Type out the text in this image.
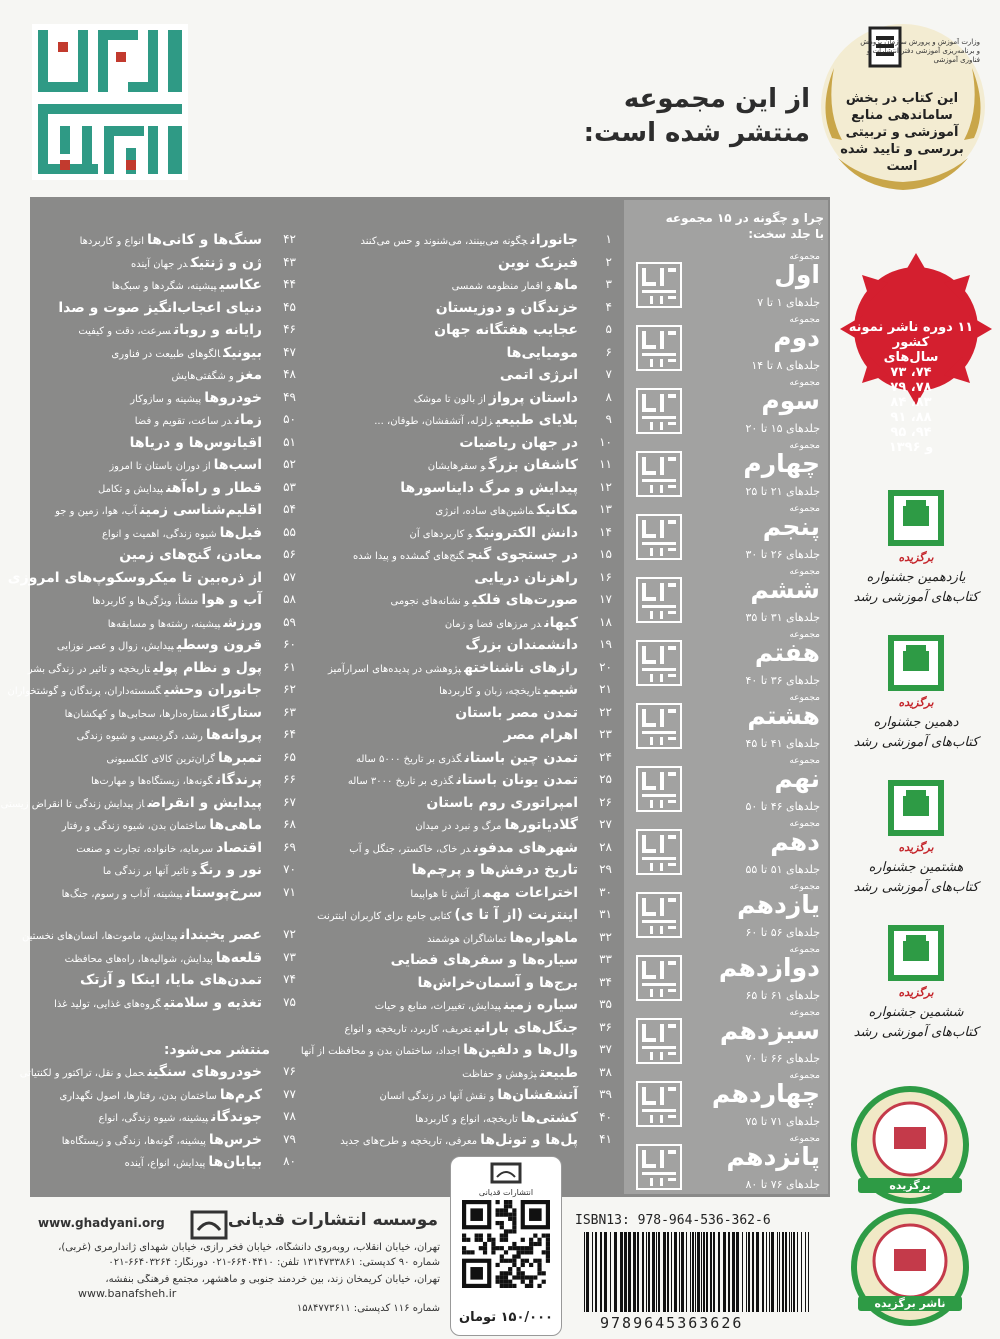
از این مجموعه
منتشر شده است:
این کتاب در بخش ساماندهی منابع آموزشی و تربیتی بررسی و تایید شده است
وزارت آموزش و پرورش سازمان پژوهش و برنامه‌ریزی آموزشی دفتر انتشارات و فناوری آموزشی
چرا و چگونه در ۱۵ مجموعه
با جلد سخت:
مجموعه
اول
جلدهای ۱ تا ۷
مجموعه
دوم
جلدهای ۸ تا ۱۴
مجموعه
سوم
جلدهای ۱۵ تا ۲۰
مجموعه
چهارم
جلدهای ۲۱ تا ۲۵
مجموعه
پنجم
جلدهای ۲۶ تا ۳۰
مجموعه
ششم
جلدهای ۳۱ تا ۳۵
مجموعه
هفتم
جلدهای ۳۶ تا ۴۰
مجموعه
هشتم
جلدهای ۴۱ تا ۴۵
مجموعه
نهم
جلدهای ۴۶ تا ۵۰
مجموعه
دهم
جلدهای ۵۱ تا ۵۵
مجموعه
یازدهم
جلدهای ۵۶ تا ۶۰
مجموعه
دوازدهم
جلدهای ۶۱ تا ۶۵
مجموعه
سیزدهم
جلدهای ۶۶ تا ۷۰
مجموعه
چهاردهم
جلدهای ۷۱ تا ۷۵
مجموعه
پانزدهم
جلدهای ۷۶ تا ۸۰
۱
جانورانچگونه می‌بینند، می‌شنوند و حس می‌کنند
۲
فیزیک نوین
۳
ماهو اقمار منظومه شمسی
۴
خزندگان و دوزیستان
۵
عجایب هفتگانه جهان
۶
مومیایی‌ها
۷
انرژی اتمی
۸
داستان پروازاز بالون تا موشک
۹
بلایای طبیعیزلزله، آتشفشان، طوفان، ...
۱۰
در جهان ریاضیات
۱۱
کاشفان بزرگو سفرهایشان
۱۲
پیدایش و مرگ دایناسورها
۱۳
مکانیکماشین‌های ساده، انرژی
۱۴
دانش الکترونیکو کاربردهای آن
۱۵
در جستجوی گنجگنج‌های گمشده و پیدا شده
۱۶
راهزنان دریایی
۱۷
صورت‌های فلکیو نشانه‌های نجومی
۱۸
کیهاندر مرزهای فضا و زمان
۱۹
دانشمندان بزرگ
۲۰
رازهای ناشناختهپژوهشی در پدیده‌های اسرارآمیز
۲۱
شیمیتاریخچه، زبان و کاربردها
۲۲
تمدن مصر باستان
۲۳
اهرام مصر
۲۴
تمدن چین باستانگذری بر تاریخ ۵۰۰۰ ساله
۲۵
تمدن یونان باستانگذری بر تاریخ ۳۰۰۰ ساله
۲۶
امپراتوری روم باستان
۲۷
گلادیاتورهامرگ و نبرد در میدان
۲۸
شهرهای مدفوندر خاک، خاکستر، جنگل و آب
۲۹
تاریخ درفش‌ها و پرچم‌ها
۳۰
اختراعات مهماز آتش تا هواپیما
۳۱
اینترنت (از آ تا ی)کتابی جامع برای کاربران اینترنت
۳۲
ماهواره‌هاتماشاگران هوشمند
۳۳
سیاره‌ها و سفرهای فضایی
۳۴
برج‌ها و آسمان‌خراش‌ها
۳۵
سیاره زمینپیدایش، تغییرات، منابع و حیات
۳۶
جنگل‌های بارانیتعریف، کاربرد، تاریخچه و انواع
۳۷
وال‌ها و دلفین‌هااجداد، ساختمان بدن و محافظت از آنها
۳۸
طبیعتپژوهش و حفاظت
۳۹
آتشفشان‌هاو نقش آنها در زندگی انسان
۴۰
کشتی‌هاتاریخچه، انواع و کاربردها
۴۱
پل‌ها و تونل‌هامعرفی، تاریخچه و طرح‌های جدید
۴۲
سنگ‌ها و کانی‌هاانواع و کاربردها
۴۳
ژن و ژنتیکدر جهان آینده
۴۴
عکاسیپیشینه، شگردها و سبک‌ها
۴۵
دنیای اعجاب‌انگیز صوت و صدا
۴۶
رایانه و روباتسرعت، دقت و کیفیت
۴۷
بیونیکالگوهای طبیعت در فناوری
۴۸
مغزو شگفتی‌هایش
۴۹
خودروهاپیشینه و سازوکار
۵۰
زماندر ساعت، تقویم و فضا
۵۱
اقیانوس‌ها و دریاها
۵۲
اسب‌هااز دوران باستان تا امروز
۵۳
قطار و راه‌آهنپیدایش و تکامل
۵۴
اقلیم‌شناسی زمینآب، هوا، زمین و جو
۵۵
فیل‌هاشیوه زندگی، اهمیت و انواع
۵۶
معادن، گنج‌های زمین
۵۷
از ذره‌بین تا میکروسکوپ‌های امروزی
۵۸
آب و هوامنشأ، ویژگی‌ها و کاربردها
۵۹
ورزشپیشینه، رشته‌ها و مسابقه‌ها
۶۰
قرون وسطیپیدایش، زوال و عصر نوزایی
۶۱
پول و نظام پولیتاریخچه و تاثیر در زندگی بشر
۶۲
جانوران وحشیگسسته‌داران، پرندگان و گوشتخواران
۶۳
ستارگانستاره‌دارها، سحابی‌ها و کهکشان‌ها
۶۴
پروانه‌هارشد، دگردیسی و شیوه زندگی
۶۵
تمبرهاگران‌ترین کالای کلکسیونی
۶۶
پرندگانگونه‌ها، زیستگاه‌ها و مهارت‌ها
۶۷
پیدایش و انقراضاز پیدایش زندگی تا انقراض زیستی
۶۸
ماهی‌هاساختمان بدن، شیوه زندگی و رفتار
۶۹
اقتصادسرمایه، خانواده، تجارت و صنعت
۷۰
نور و رنگو تاثیر آنها بر زندگی ما
۷۱
سرخ‌پوستانپیشینه، آداب و رسوم، جنگ‌ها
۷۲
عصر یخبندانپیدایش، ماموت‌ها، انسان‌های نخستین
۷۳
قلعه‌هاپیدایش، شوالیه‌ها، راه‌های محافظت
۷۴
تمدن‌های مایا، اینکا و آزتک
۷۵
تغذیه و سلامتیگروه‌های غذایی، تولید غذا
منتشر می‌شود:
۷۶
خودروهای سنگینحمل و نقل، تراکتور و لکنتیاتی
۷۷
کرم‌هاساختمان بدن، رفتارها، اصول نگهداری
۷۸
جوندگانپیشینه، شیوه زندگی، انواع
۷۹
خرس‌هاپیشینه، گونه‌ها، زندگی و زیستگاه‌ها
۸۰
بیابان‌هاپیدایش، انواع، آینده
۱۱ دوره ناشر نمونه کشور
سال‌های
۷۴، ۷۳
۷۸، ۷۹
۸۳، ۸۴
۸۸، ۹۱
۹۴، ۹۵
و ۱۳۹۶
برگزیده
یازدهمین جشنواره
کتاب‌های آموزشی رشد
برگزیده
دهمین جشنواره
کتاب‌های آموزشی رشد
برگزیده
هشتمین جشنواره
کتاب‌های آموزشی رشد
برگزیده
ششمین جشنواره
کتاب‌های آموزشی رشد
برگزیده
ناشر برگزیده
موسسه انتشارات قدیانی
www.ghadyani.org
تهران، خیابان انقلاب، روبه‌روی دانشگاه، خیابان فخر رازی، خیابان شهدای ژاندارمری (غربی)،
شماره ۹۰ کدپستی: ۱۳۱۴۷۳۳۸۶۱ تلفن: ۶۶۴۰۴۴۱۰-۰۲۱ دورنگار: ۶۶۴۰۳۲۶۴-۰۲۱
تهران، خیابان کریمخان زند، بین خردمند جنوبی و ماهشهر، مجتمع فرهنگی بنفشه،
شماره ۱۱۶ کدپستی: ۱۵۸۴۷۷۳۶۱۱
www.banafsheh.ir
انتشارات قدیانی
۱۵۰/۰۰۰ تومان
ISBN13: 978-964-536-362-6
9789645363626
